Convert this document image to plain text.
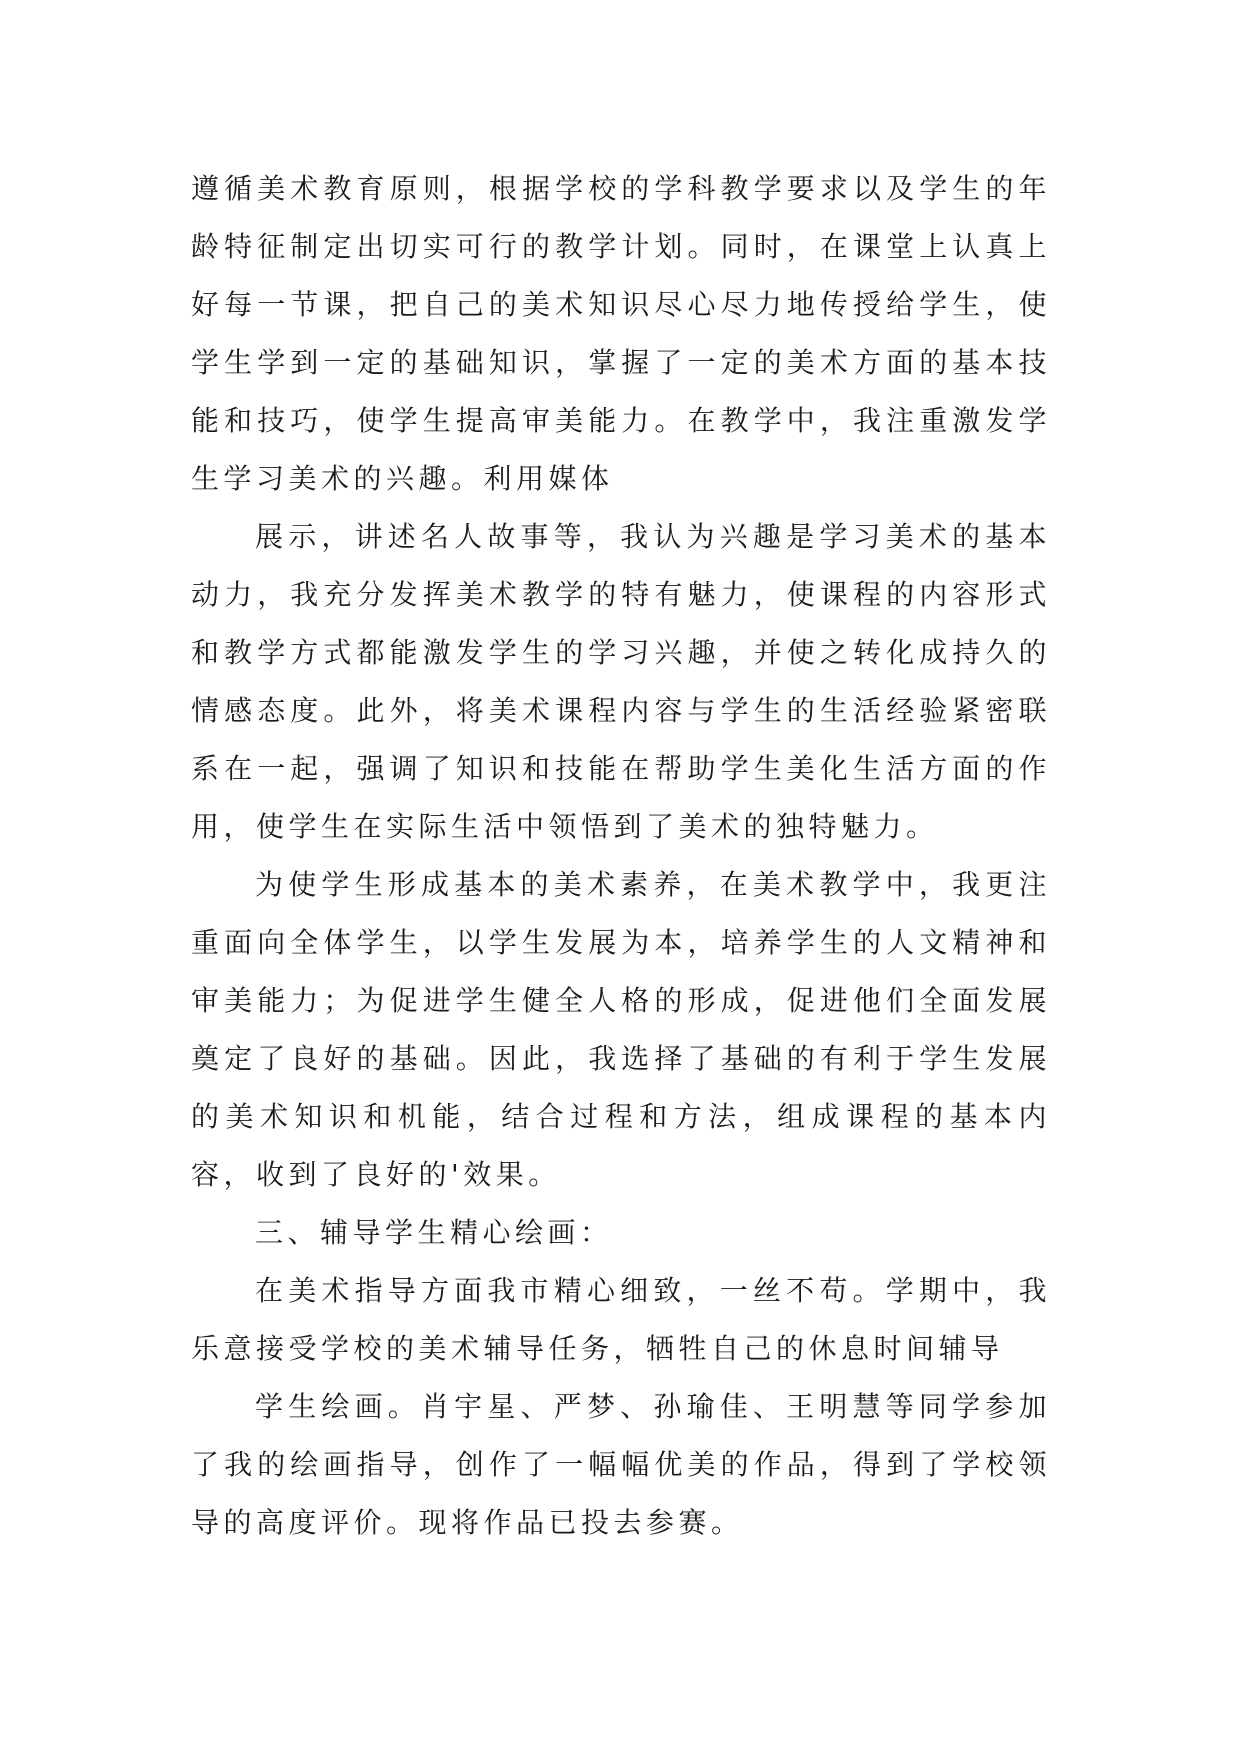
遵循美术教育原则，根据学校的学科教学要求以及学生的年龄特征制定出切实可行的教学计划。同时，在课堂上认真上好每一节课，把自己的美术知识尽心尽力地传授给学生，使学生学到一定的基础知识，掌握了一定的美术方面的基本技能和技巧，使学生提高审美能力。在教学中，我注重激发学生学习美术的兴趣。利用媒体

展示，讲述名人故事等，我认为兴趣是学习美术的基本动力，我充分发挥美术教学的特有魅力，使课程的内容形式和教学方式都能激发学生的学习兴趣，并使之转化成持久的情感态度。此外，将美术课程内容与学生的生活经验紧密联系在一起，强调了知识和技能在帮助学生美化生活方面的作用，使学生在实际生活中领悟到了美术的独特魅力。

为使学生形成基本的美术素养，在美术教学中，我更注重面向全体学生，以学生发展为本，培养学生的人文精神和审美能力；为促进学生健全人格的形成，促进他们全面发展奠定了良好的基础。因此，我选择了基础的有利于学生发展的美术知识和机能，结合过程和方法，组成课程的基本内容，收到了良好的'效果。

三、辅导学生精心绘画：

在美术指导方面我市精心细致，一丝不苟。学期中，我乐意接受学校的美术辅导任务，牺牲自己的休息时间辅导

学生绘画。肖宇星、严梦、孙瑜佳、王明慧等同学参加了我的绘画指导，创作了一幅幅优美的作品，得到了学校领导的高度评价。现将作品已投去参赛。
